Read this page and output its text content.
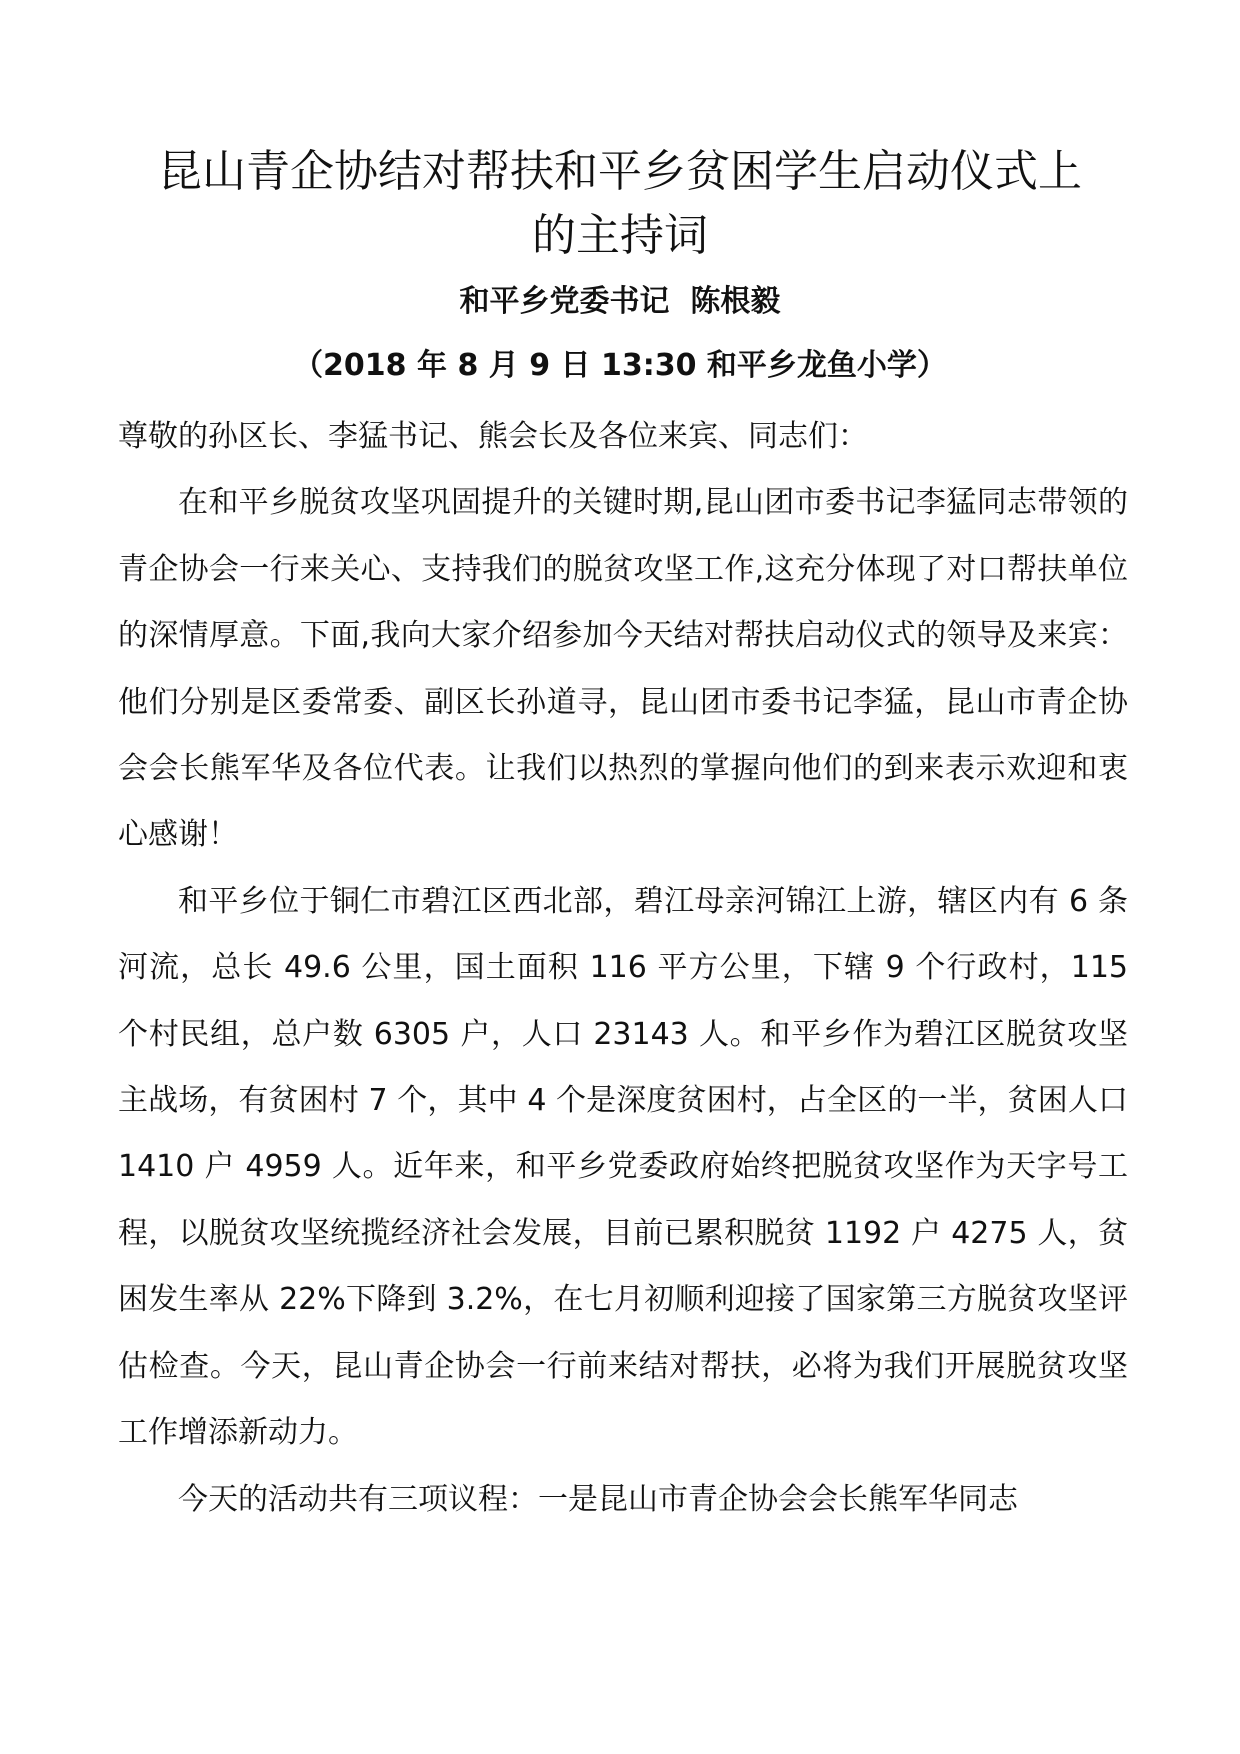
昆山青企协结对帮扶和平乡贫困学生启动仪式上
的主持词
和平乡党委书记  陈根毅
（2018 年 8 月 9 日 13:30 和平乡龙鱼小学）

尊敬的孙区长、李猛书记、熊会长及各位来宾、同志们：

在和平乡脱贫攻坚巩固提升的关键时期,昆山团市委书记李猛同志带领的青企协会一行来关心、支持我们的脱贫攻坚工作,这充分体现了对口帮扶单位的深情厚意。下面,我向大家介绍参加今天结对帮扶启动仪式的领导及来宾：他们分别是区委常委、副区长孙道寻，昆山团市委书记李猛，昆山市青企协会会长熊军华及各位代表。让我们以热烈的掌握向他们的到来表示欢迎和衷心感谢！

和平乡位于铜仁市碧江区西北部，碧江母亲河锦江上游，辖区内有 6 条河流，总长 49.6 公里，国土面积 116 平方公里，下辖 9 个行政村，115 个村民组，总户数 6305 户，人口 23143 人。和平乡作为碧江区脱贫攻坚主战场，有贫困村 7 个，其中 4 个是深度贫困村，占全区的一半，贫困人口 1410 户 4959 人。近年来，和平乡党委政府始终把脱贫攻坚作为天字号工程，以脱贫攻坚统揽经济社会发展，目前已累积脱贫 1192 户 4275 人，贫困发生率从 22%下降到 3.2%，在七月初顺利迎接了国家第三方脱贫攻坚评估检查。今天，昆山青企协会一行前来结对帮扶，必将为我们开展脱贫攻坚工作增添新动力。

今天的活动共有三项议程：一是昆山市青企协会会长熊军华同志
